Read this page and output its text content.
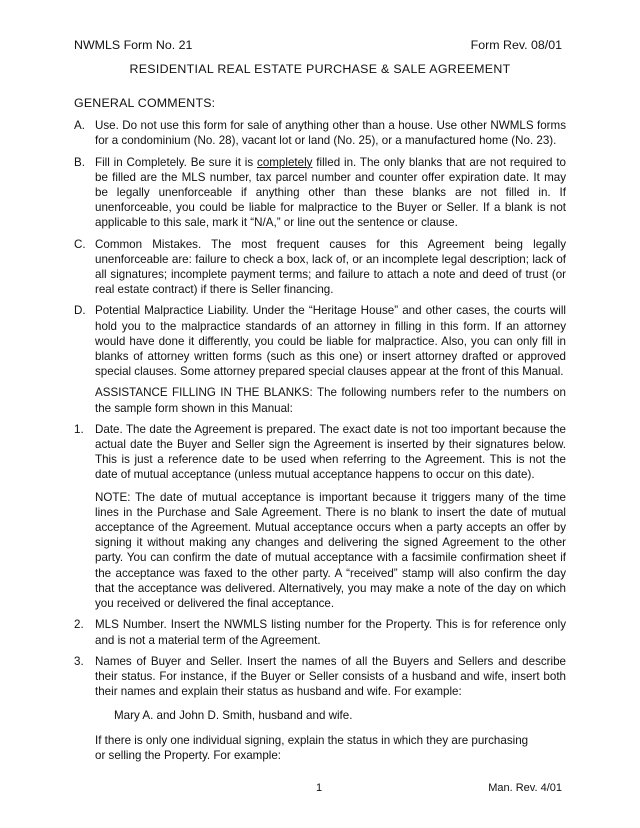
NWMLS Form No. 21	Form Rev. 08/01
RESIDENTIAL REAL ESTATE PURCHASE & SALE AGREEMENT
GENERAL COMMENTS:
A. Use. Do not use this form for sale of anything other than a house. Use other NWMLS forms for a condominium (No. 28), vacant lot or land (No. 25), or a manufactured home (No. 23).

B. Fill in Completely. Be sure it is completely filled in. The only blanks that are not required to be filled are the MLS number, tax parcel number and counter offer expiration date. It may be legally unenforceable if anything other than these blanks are not filled in. If unenforceable, you could be liable for malpractice to the Buyer or Seller. If a blank is not applicable to this sale, mark it “N/A,” or line out the sentence or clause.

C. Common Mistakes. The most frequent causes for this Agreement being legally unenforceable are: failure to check a box, lack of, or an incomplete legal description; lack of all signatures; incomplete payment terms; and failure to attach a note and deed of trust (or real estate contract) if there is Seller financing.

D. Potential Malpractice Liability. Under the “Heritage House” and other cases, the courts will hold you to the malpractice standards of an attorney in filling in this form. If an attorney would have done it differently, you could be liable for malpractice. Also, you can only fill in blanks of attorney written forms (such as this one) or insert attorney drafted or approved special clauses. Some attorney prepared special clauses appear at the front of this Manual.

ASSISTANCE FILLING IN THE BLANKS: The following numbers refer to the numbers on the sample form shown in this Manual:
1. Date. The date the Agreement is prepared. The exact date is not too important because the actual date the Buyer and Seller sign the Agreement is inserted by their signatures below. This is just a reference date to be used when referring to the Agreement. This is not the date of mutual acceptance (unless mutual acceptance happens to occur on this date).

NOTE: The date of mutual acceptance is important because it triggers many of the time lines in the Purchase and Sale Agreement. There is no blank to insert the date of mutual acceptance of the Agreement. Mutual acceptance occurs when a party accepts an offer by signing it without making any changes and delivering the signed Agreement to the other party. You can confirm the date of mutual acceptance with a facsimile confirmation sheet if the acceptance was faxed to the other party. A “received” stamp will also confirm the day that the acceptance was delivered. Alternatively, you may make a note of the day on which you received or delivered the final acceptance.

2. MLS Number. Insert the NWMLS listing number for the Property. This is for reference only and is not a material term of the Agreement.

3. Names of Buyer and Seller. Insert the names of all the Buyers and Sellers and describe their status. For instance, if the Buyer or Seller consists of a husband and wife, insert both their names and explain their status as husband and wife. For example:

Mary A. and John D. Smith, husband and wife.
If there is only one individual signing, explain the status in which they are purchasing
or selling the Property. For example:
1	Man. Rev. 4/01
